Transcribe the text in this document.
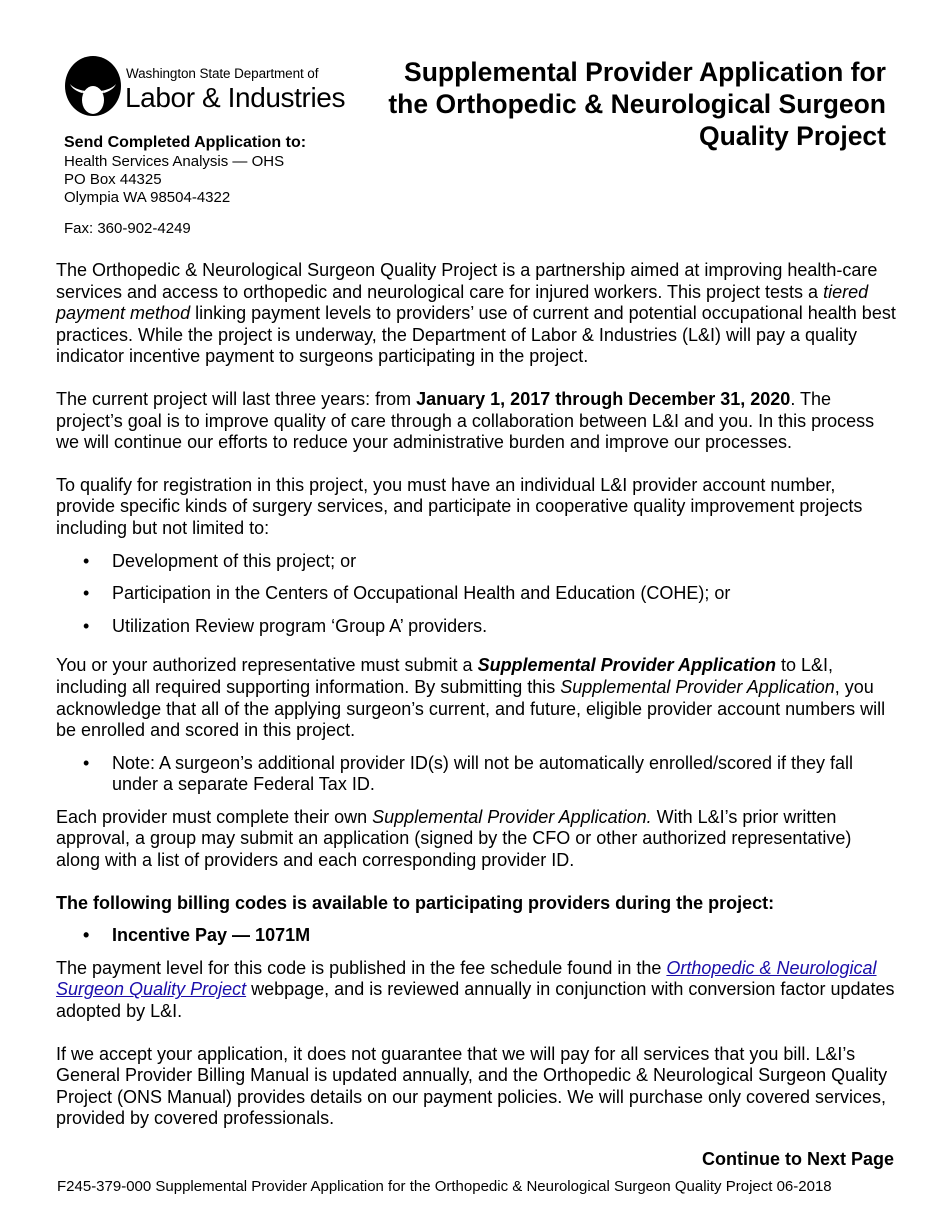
Washington State Department of
Labor & Industries
Supplemental Provider Application for
the Orthopedic & Neurological Surgeon
Quality Project
Send Completed Application to:
Health Services Analysis — OHS
PO Box 44325
Olympia WA 98504-4322
Fax: 360-902-4249

The Orthopedic & Neurological Surgeon Quality Project is a partnership aimed at improving health-care services and access to orthopedic and neurological care for injured workers. This project tests a tiered payment method linking payment levels to providers’ use of current and potential occupational health best practices. While the project is underway, the Department of Labor & Industries (L&I) will pay a quality indicator incentive payment to surgeons participating in the project.

The current project will last three years: from January 1, 2017 through December 31, 2020. The project’s goal is to improve quality of care through a collaboration between L&I and you. In this process we will continue our efforts to reduce your administrative burden and improve our processes.

To qualify for registration in this project, you must have an individual L&I provider account number, provide specific kinds of surgery services, and participate in cooperative quality improvement projects including but not limited to:

• Development of this project; or
• Participation in the Centers of Occupational Health and Education (COHE); or
• Utilization Review program ‘Group A’ providers.

You or your authorized representative must submit a Supplemental Provider Application to L&I, including all required supporting information. By submitting this Supplemental Provider Application, you acknowledge that all of the applying surgeon’s current, and future, eligible provider account numbers will be enrolled and scored in this project.

• Note: A surgeon’s additional provider ID(s) will not be automatically enrolled/scored if they fall under a separate Federal Tax ID.

Each provider must complete their own Supplemental Provider Application. With L&I’s prior written approval, a group may submit an application (signed by the CFO or other authorized representative) along with a list of providers and each corresponding provider ID.

The following billing codes is available to participating providers during the project:

• Incentive Pay — 1071M

The payment level for this code is published in the fee schedule found in the Orthopedic & Neurological Surgeon Quality Project webpage, and is reviewed annually in conjunction with conversion factor updates adopted by L&I.

If we accept your application, it does not guarantee that we will pay for all services that you bill. L&I’s General Provider Billing Manual is updated annually, and the Orthopedic & Neurological Surgeon Quality Project (ONS Manual) provides details on our payment policies. We will purchase only covered services, provided by covered professionals.

Continue to Next Page
F245-379-000 Supplemental Provider Application for the Orthopedic & Neurological Surgeon Quality Project 06-2018
